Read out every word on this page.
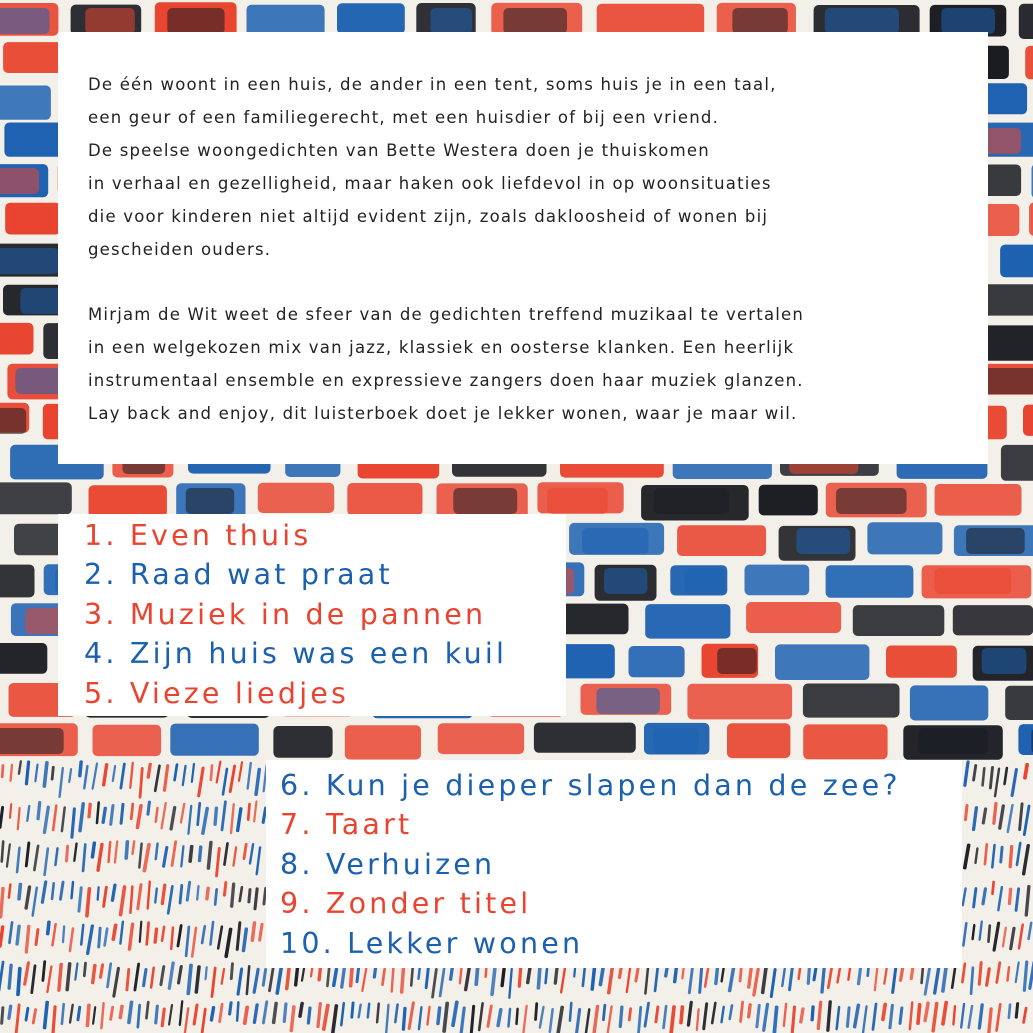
De één woont in een huis, de ander in een tent, soms huis je in een taal,
een geur of een familiegerecht, met een huisdier of bij een vriend.
De speelse woongedichten van Bette Westera doen je thuiskomen
in verhaal en gezelligheid, maar haken ook liefdevol in op woonsituaties
die voor kinderen niet altijd evident zijn, zoals dakloosheid of wonen bij
gescheiden ouders.

Mirjam de Wit weet de sfeer van de gedichten treffend muzikaal te vertalen
in een welgekozen mix van jazz, klassiek en oosterse klanken. Een heerlijk
instrumentaal ensemble en expressieve zangers doen haar muziek glanzen.
Lay back and enjoy, dit luisterboek doet je lekker wonen, waar je maar wil.

1. Even thuis
2. Raad wat praat
3. Muziek in de pannen
4. Zijn huis was een kuil
5. Vieze liedjes
6. Kun je dieper slapen dan de zee?
7. Taart
8. Verhuizen
9. Zonder titel
10. Lekker wonen
